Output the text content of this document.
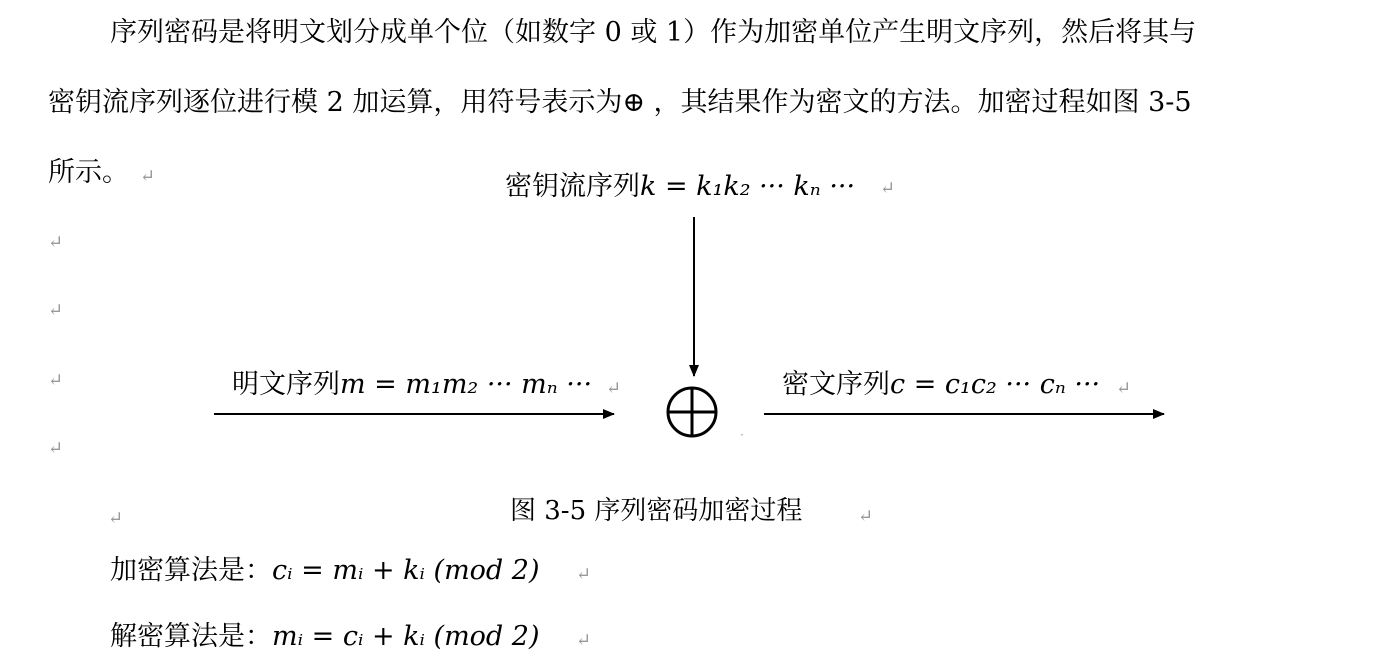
序列密码是将明文划分成单个位（如数字 0 或 1）作为加密单位产生明文序列，然后将其与
密钥流序列逐位进行模 2 加运算，用符号表示为⊕ ，其结果作为密文的方法。加密过程如图 3-5
所示。 ↵
↵
↵
↵
↵
密钥流序列k = k₁k₂ ··· kₙ ··· ↵
明文序列m = m₁m₂ ··· mₙ ··· ↵	密文序列c = c₁c₂ ··· cₙ ··· ↵
·
图 3-5 序列密码加密过程	↵
↵
加密算法是：cᵢ = mᵢ + kᵢ (mod 2) ↵
解密算法是：mᵢ = cᵢ + kᵢ (mod 2) ↵
